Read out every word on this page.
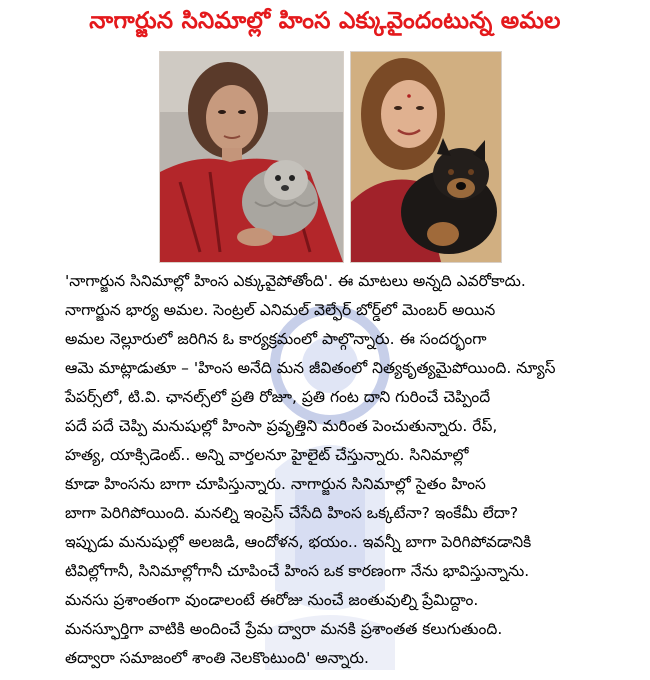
నాగార్జున సినిమాల్లో హింస ఎక్కువైందంటున్న అమల
'నాగార్జున సినిమాల్లో హింస ఎక్కువైపోతోంది'. ఈ మాటలు అన్నది ఎవరోకాదు.
నాగార్జున భార్య అమల. సెంట్రల్ ఎనిమల్ వెల్ఫేర్ బోర్డ్‌లో మెంబర్ అయిన
అమల నెల్లూరులో జరిగిన ఓ కార్యక్రమంలో పాల్గొన్నారు. ఈ సందర్భంగా
ఆమె మాట్లాడుతూ – 'హింస అనేది మన జీవితంలో నిత్యకృత్యమైపోయింది. న్యూస్
పేపర్స్‌లో, టి.వి. ఛానల్స్‌లో ప్రతి రోజూ, ప్రతి గంట దాని గురించే చెప్పిందే
పదే పదే చెప్పి మనుషుల్లో హింసా ప్రవృత్తిని మరింత పెంచుతున్నారు. రేప్,
హత్య, యాక్సిడెంట్.. అన్ని వార్తలనూ హైలైట్ చేస్తున్నారు. సినిమాల్లో
కూడా హింసను బాగా చూపిస్తున్నారు. నాగార్జున సినిమాల్లో సైతం హింస
బాగా పెరిగిపోయింది. మనల్ని ఇంప్రెస్ చేసేది హింస ఒక్కటేనా? ఇంకేమీ లేదా?
ఇప్పుడు మనుషుల్లో అలజడి, ఆందోళన, భయం.. ఇవన్నీ బాగా పెరిగిపోవడానికి
టివిల్లోగానీ, సినిమాల్లోగానీ చూపించే హింస ఒక కారణంగా నేను భావిస్తున్నాను.
మనసు ప్రశాంతంగా వుండాలంటే ఈరోజు నుంచే జంతువుల్ని ప్రేమిద్దాం.
మనస్ఫూర్తిగా వాటికి అందించే ప్రేమ ద్వారా మనకి ప్రశాంతత కలుగుతుంది.
తద్వారా సమాజంలో శాంతి నెలకొంటుంది' అన్నారు.
